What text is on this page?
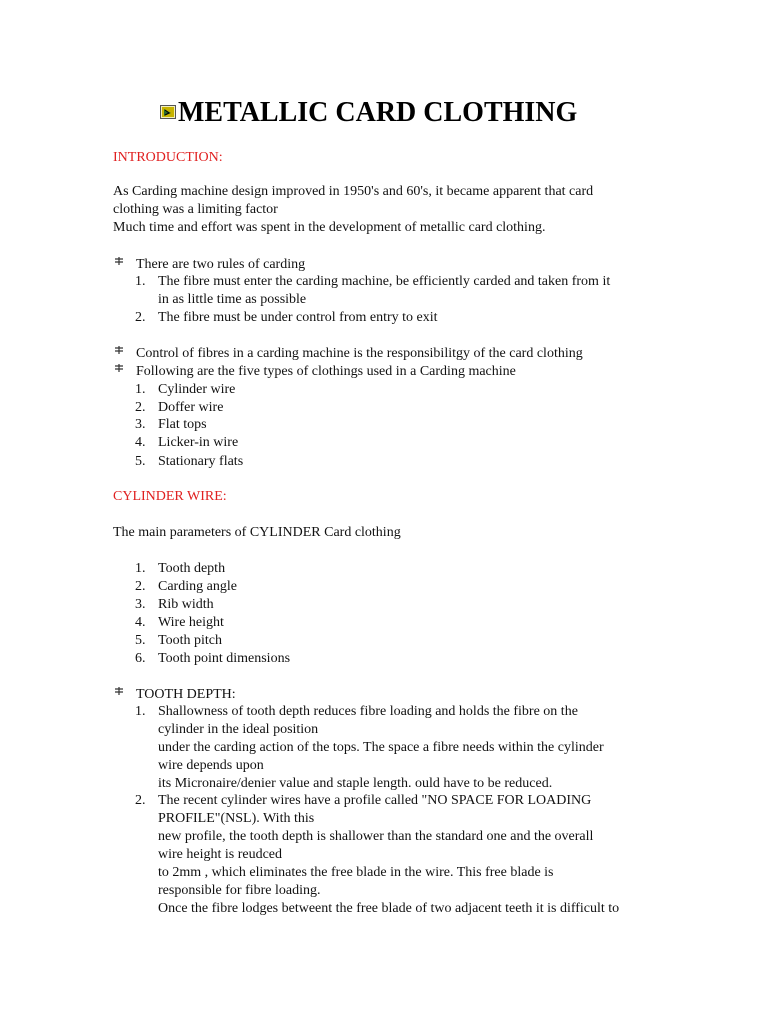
METALLIC CARD CLOTHING
INTRODUCTION:
As Carding machine design improved in 1950's and 60's, it became apparent that card
clothing was a limiting factor
Much time and effort was spent in the development of metallic card clothing.
There are two rules of carding
1. The fibre must enter the carding machine, be efficiently carded and taken from it
in as little time as possible
2. The fibre must be under control from entry to exit
Control of fibres in a carding machine is the responsibilitgy of the card clothing
Following are the five types of clothings used in a Carding machine
1. Cylinder wire
2. Doffer wire
3. Flat tops
4. Licker-in wire
5. Stationary flats
CYLINDER WIRE:
The main parameters of CYLINDER Card clothing
1. Tooth depth
2. Carding angle
3. Rib width
4. Wire height
5. Tooth pitch
6. Tooth point dimensions
TOOTH DEPTH:
1. Shallowness of tooth depth reduces fibre loading and holds the fibre on the
cylinder in the ideal position
under the carding action of the tops. The space a fibre needs within the cylinder
wire depends upon
its Micronaire/denier value and staple length. ould have to be reduced.
2. The recent cylinder wires have a profile called "NO SPACE FOR LOADING
PROFILE"(NSL). With this
new profile, the tooth depth is shallower than the standard one and the overall
wire height is reudced
to 2mm , which eliminates the free blade in the wire. This free blade is
responsible for fibre loading.
Once the fibre lodges betweent the free blade of two adjacent teeth it is difficult to
